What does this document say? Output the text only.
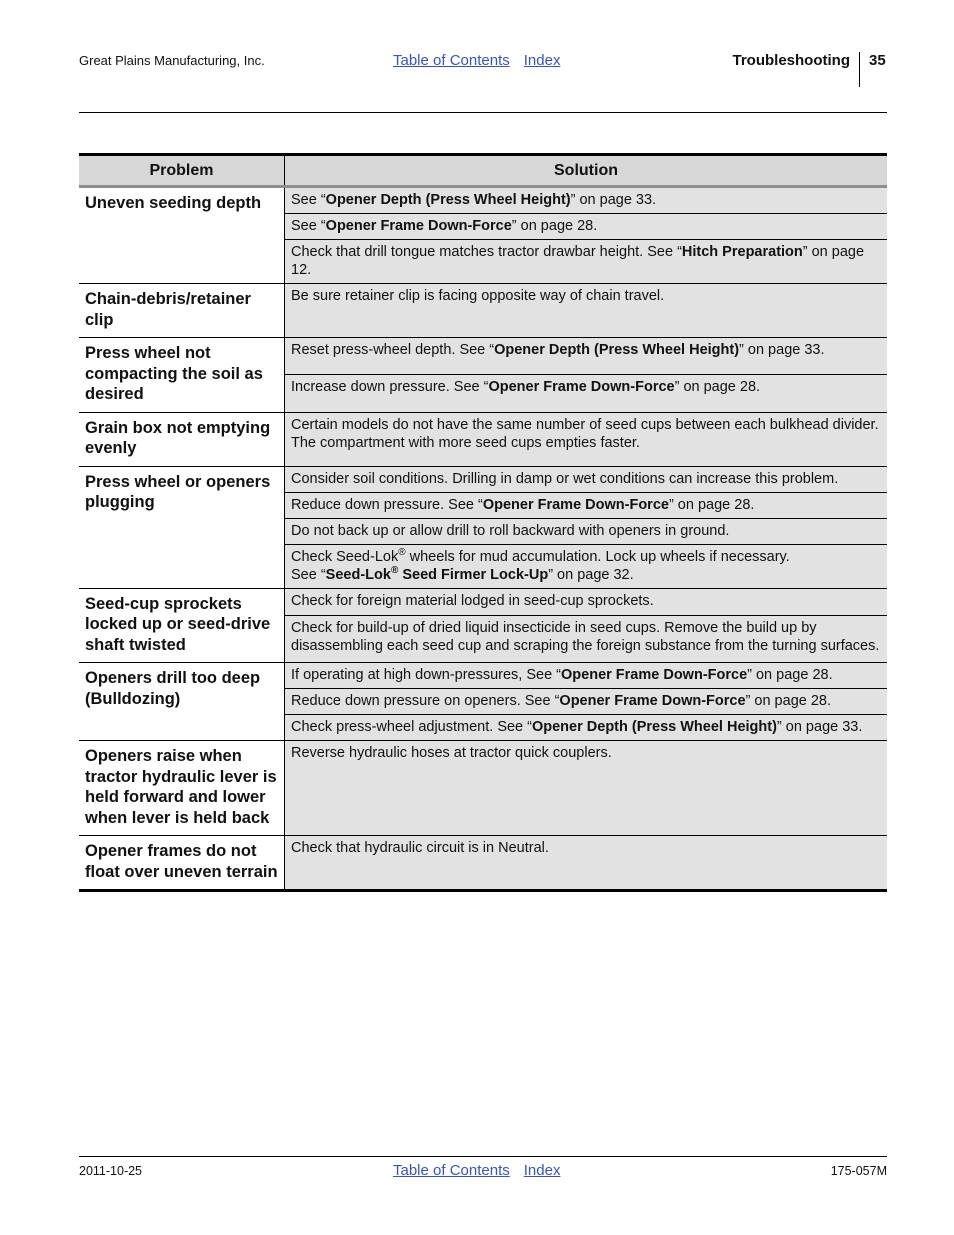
Great Plains Manufacturing, Inc.	Table of Contents Index	Troubleshooting 35
Problem	Solution
Uneven seeding depth	See “Opener Depth (Press Wheel Height)” on page 33.
	See “Opener Frame Down-Force” on page 28.
	Check that drill tongue matches tractor drawbar height. See “Hitch Preparation” on page 12.
Chain-debris/retainer clip	Be sure retainer clip is facing opposite way of chain travel.
Press wheel not compacting the soil as desired	Reset press-wheel depth. See “Opener Depth (Press Wheel Height)” on page 33.
	Increase down pressure. See “Opener Frame Down-Force” on page 28.
Grain box not emptying evenly	Certain models do not have the same number of seed cups between each bulkhead divider. The compartment with more seed cups empties faster.
Press wheel or openers plugging	Consider soil conditions. Drilling in damp or wet conditions can increase this problem.
	Reduce down pressure. See “Opener Frame Down-Force” on page 28.
	Do not back up or allow drill to roll backward with openers in ground.
	Check Seed-Lok® wheels for mud accumulation. Lock up wheels if necessary.
See “Seed-Lok® Seed Firmer Lock-Up” on page 32.
Seed-cup sprockets locked up or seed-drive shaft twisted	Check for foreign material lodged in seed-cup sprockets.
	Check for build-up of dried liquid insecticide in seed cups. Remove the build up by disassembling each seed cup and scraping the foreign substance from the turning surfaces.
Openers drill too deep (Bulldozing)	If operating at high down-pressures, See “Opener Frame Down-Force” on page 28.
	Reduce down pressure on openers. See “Opener Frame Down-Force” on page 28.
	Check press-wheel adjustment. See “Opener Depth (Press Wheel Height)” on page 33.
Openers raise when tractor hydraulic lever is held forward and lower when lever is held back	Reverse hydraulic hoses at tractor quick couplers.
Opener frames do not float over uneven terrain	Check that hydraulic circuit is in Neutral.
2011-10-25	Table of Contents Index	175-057M
